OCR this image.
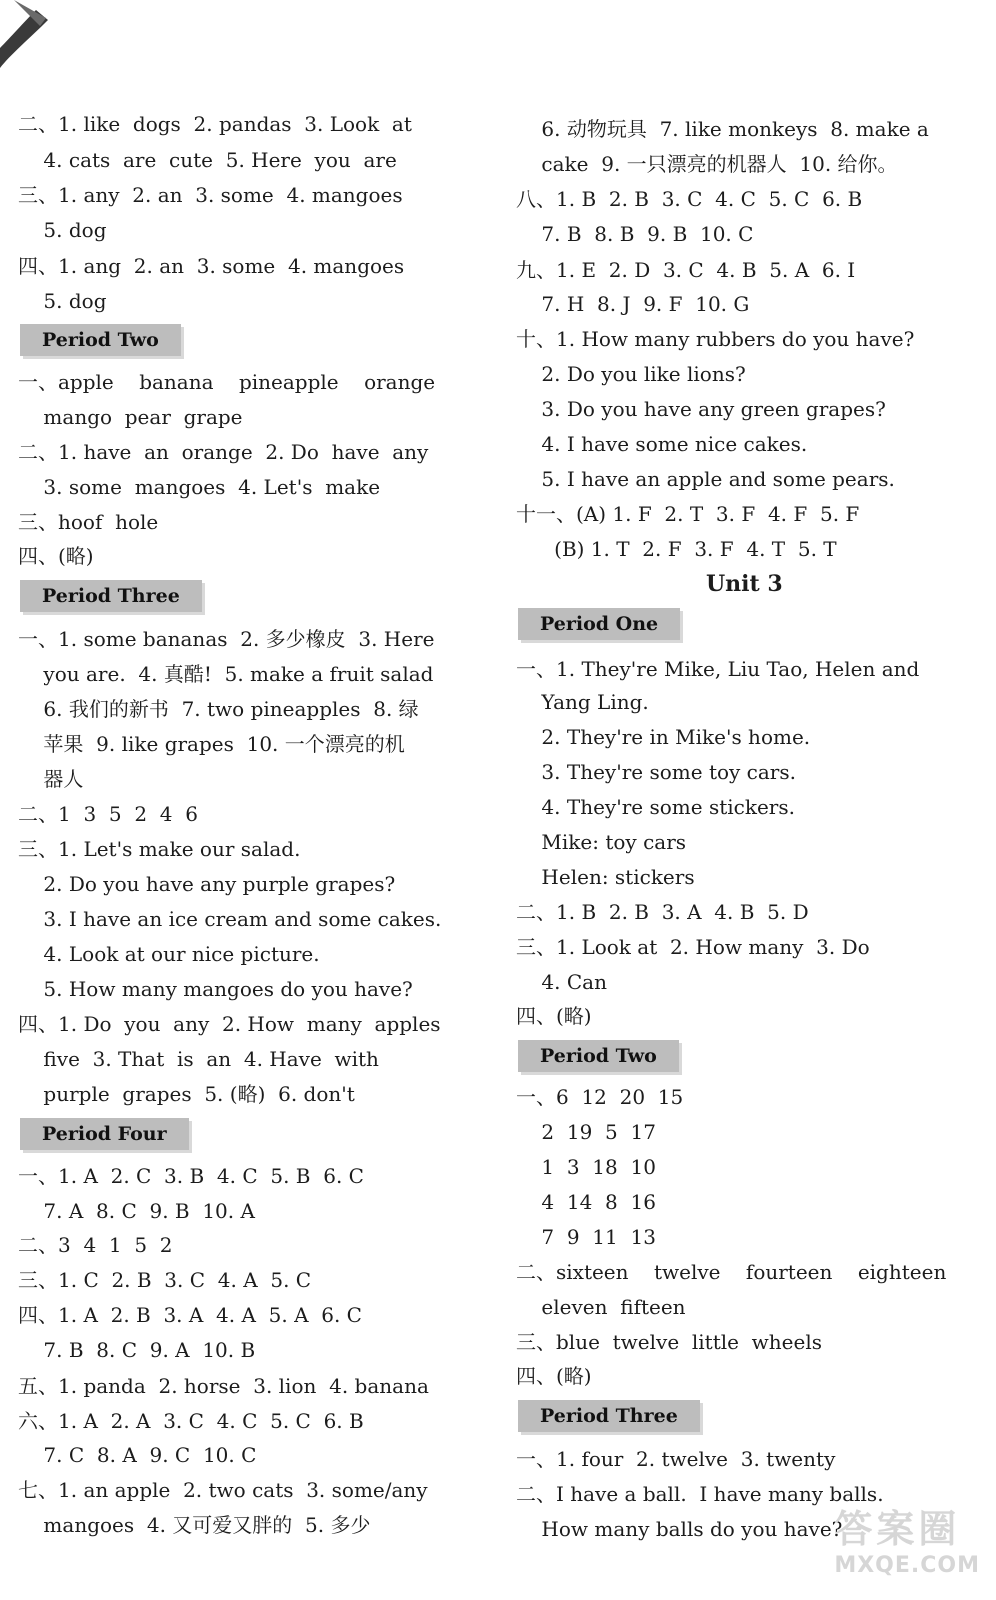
二、1. like  dogs  2. pandas  3. Look  at
4. cats  are  cute  5. Here  you  are
三、1. any  2. an  3. some  4. mangoes
5. dog
四、1. ang  2. an  3. some  4. mangoes
5. dog
Period Two
一、apple    banana    pineapple    orange
mango  pear  grape
二、1. have  an  orange  2. Do  have  any
3. some  mangoes  4. Let's  make
三、hoof  hole
四、(略)
Period Three
一、1. some bananas  2. 多少橡皮  3. Here
you are.  4. 真酷!  5. make a fruit salad
6. 我们的新书  7. two pineapples  8. 绿
苹果  9. like grapes  10. 一个漂亮的机
器人
二、1  3  5  2  4  6
三、1. Let's make our salad.
2. Do you have any purple grapes?
3. I have an ice cream and some cakes.
4. Look at our nice picture.
5. How many mangoes do you have?
四、1. Do  you  any  2. How  many  apples
five  3. That  is  an  4. Have  with
purple  grapes  5. (略)  6. don't
Period Four
一、1. A  2. C  3. B  4. C  5. B  6. C
7. A  8. C  9. B  10. A
二、3  4  1  5  2
三、1. C  2. B  3. C  4. A  5. C
四、1. A  2. B  3. A  4. A  5. A  6. C
7. B  8. C  9. A  10. B
五、1. panda  2. horse  3. lion  4. banana
六、1. A  2. A  3. C  4. C  5. C  6. B
7. C  8. A  9. C  10. C
七、1. an apple  2. two cats  3. some/any
mangoes  4. 又可爱又胖的  5. 多少
6. 动物玩具  7. like monkeys  8. make a
cake  9. 一只漂亮的机器人  10. 给你。
八、1. B  2. B  3. C  4. C  5. C  6. B
7. B  8. B  9. B  10. C
九、1. E  2. D  3. C  4. B  5. A  6. I
7. H  8. J  9. F  10. G
十、1. How many rubbers do you have?
2. Do you like lions?
3. Do you have any green grapes?
4. I have some nice cakes.
5. I have an apple and some pears.
十一、(A) 1. F  2. T  3. F  4. F  5. F
(B) 1. T  2. F  3. F  4. T  5. T
Unit 3
Period One
一、1. They're Mike, Liu Tao, Helen and
Yang Ling.
2. They're in Mike's home.
3. They're some toy cars.
4. They're some stickers.
Mike: toy cars
Helen: stickers
二、1. B  2. B  3. A  4. B  5. D
三、1. Look at  2. How many  3. Do
4. Can
四、(略)
Period Two
一、6  12  20  15
2  19  5  17
1  3  18  10
4  14  8  16
7  9  11  13
二、sixteen    twelve    fourteen    eighteen
eleven  fifteen
三、blue  twelve  little  wheels
四、(略)
Period Three
一、1. four  2. twelve  3. twenty
二、I have a ball.  I have many balls.
How many balls do you have?
答案圈
MXQE.COM
